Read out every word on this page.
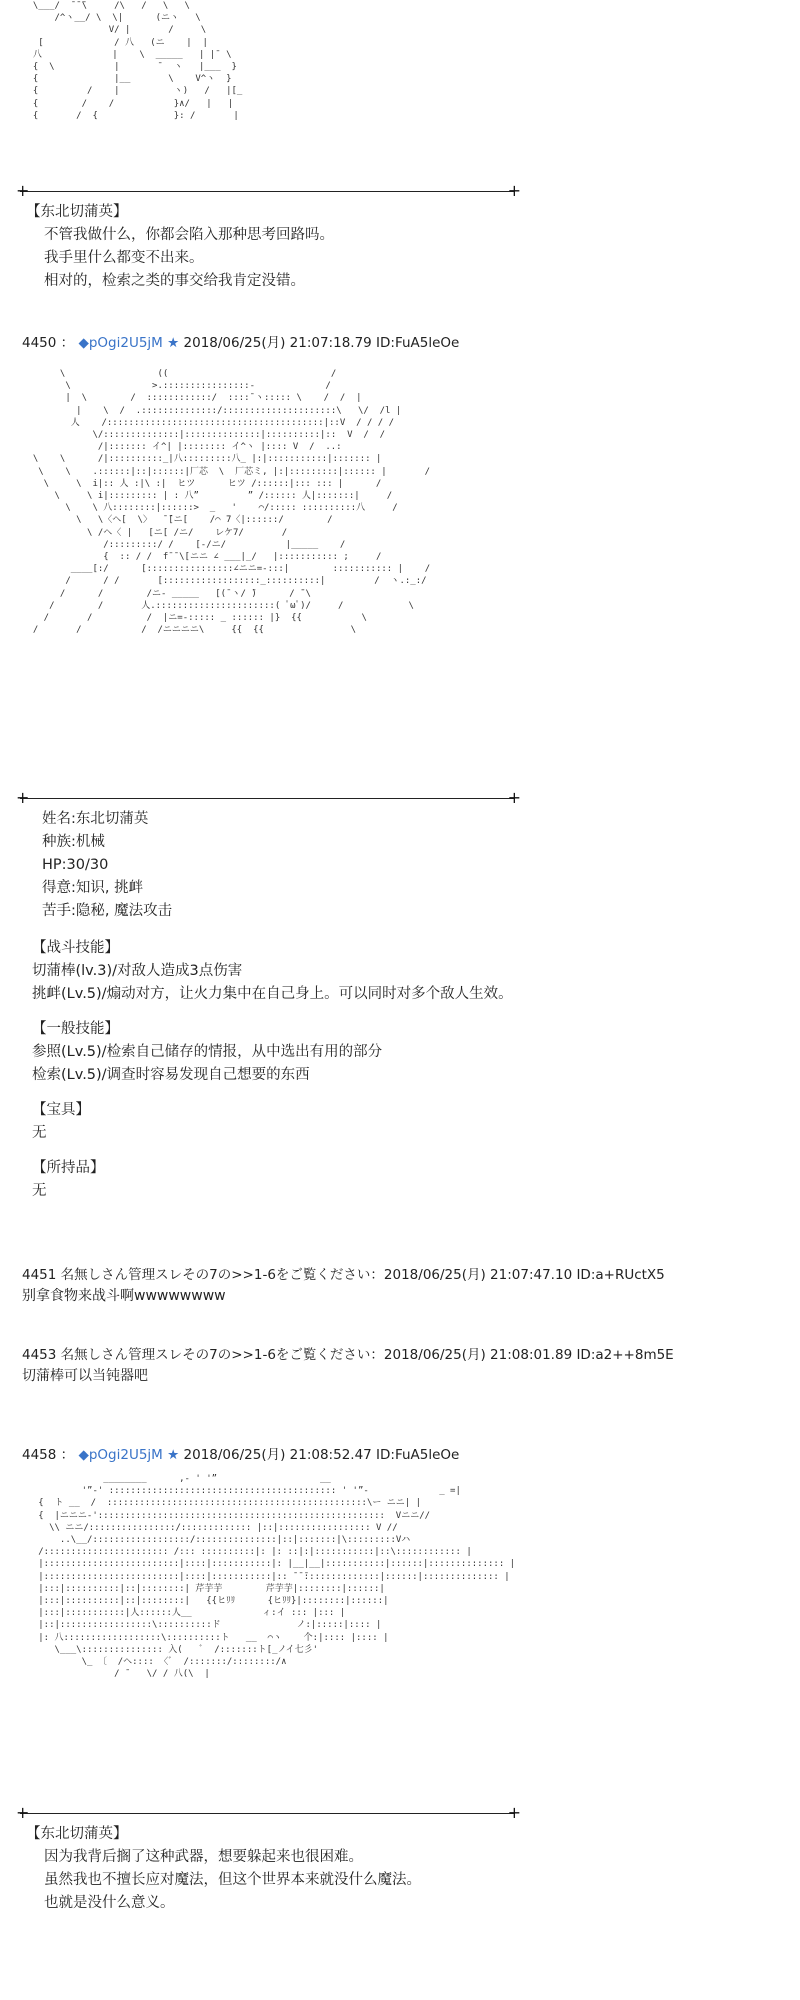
\___/  ̄ ̄ ̄\     /\   /   \   \
/^ヽ__/ \  \|      (ニヽ   \
V/ |       /     \
[             / 八   (ニ    |  |
八             |    \  _____   | |¯ \
{  \           |       ¯  ヽ   |___  }
{              |__       \    V^ヽ  }
{         /    |          ヽ)   /   |[_
{        /    /           }∧/   |   |
{       /  {              }: /       |
+	+
【东北切蒲英】
不管我做什么，你都会陷入那种思考回路吗。
我手里什么都变不出来。
相对的，检索之类的事交给我肯定没错。
4450 ： ◆pOgi2U5jM ★ 2018/06/25(月) 21:07:18.79 ID:FuA5leOe
\                 ((                              /
\               >.::::::::::::::::-             /
|  \        /  ::::::::::::/  ::::¯ヽ::::: \    /  /  |
|    \  /  .::::::::::::::/:::::::::::::::::::::\   \/  /l |
人    /::::::::::::::::::::::::::::::::::::::::|::V  / / / /
\/::::::::::::::|::::::::::::::|::::::::::|::  V  /  /
/|::::::: イ^| |:::::::: イ^ヽ |:::: V  /  ..:
\    \      /|::::::::::_|八:::::::::八_ |:|:::::::::::|::::::: |
\    \    .::::::|::|::::::|厂芯  \  厂芯ミ, |:|:::::::::|:::::: |       /
\     \  i|:: 人 :|\ :|  ヒツ      ヒツ /::::::|::: ::: |      /
\     \ i|::::::::: | : 八”         ” /:::::: 人|:::::::|     /
\    \ 八::::::::|::::::>  _   '    ⌒/::::: ::::::::::八     /
\   \〈ヘ[  \〉  ̄ ̄[ニ[    /⌒ ̄7〈|::::::/        /
\ /ヘ〈 |   [ニ[ /ニ/    レケ7/       /
/:::::::::/ /    [-/ニ/           |_____    /
{  :: / /  f¯¯\[ニニ ∠ ___|_/   |::::::::::: ;     /
____[:/      [::::::::::::::::∠ニニ=-:::|        ::::::::::: |    /
/      / /       [::::::::::::::::::_::::::::::|         /  ヽ.:_:/
/      /        /ニ- _____   [(¯ヽ/ ̄)      / ̄¯\
/        /       人.::::::::::::::::::::::( ﾟωﾟ)/     /            \
/       /          /  |ニ=-::::: _ :::::: |}  {{           \
/       /           /  /ニニニニ\     {{  {{                \
+	+
姓名:东北切蒲英
种族:机械
HP:30/30
得意:知识, 挑衅
苦手:隐秘, 魔法攻击
【战斗技能】
切蒲棒(lv.3)/对敌人造成3点伤害
挑衅(Lv.5)/煽动对方，让火力集中在自己身上。可以同时对多个敌人生效。
【一般技能】
参照(Lv.5)/检索自己储存的情报，从中选出有用的部分
检索(Lv.5)/调查时容易发现自己想要的东西
【宝具】
无
【所持品】
无
4451 名無しさん管理スレその7の>>1-6をご覧ください：2018/06/25(月) 21:07:47.10 ID:a+RUctX5
别拿食物来战斗啊wwwwwwww
4453 名無しさん管理スレその7の>>1-6をご覧ください：2018/06/25(月) 21:08:01.89 ID:a2++8m5E
切蒲棒可以当钝器吧
4458 ： ◆pOgi2U5jM ★ 2018/06/25(月) 21:08:52.47 ID:FuA5leOe
________      ,- ' '”                   __
'”-' :::::::::::::::::::::::::::::::::::::::::: ' '”-             _ =|
{  ト __  /  ::::::::::::::::::::::::::::::::::::::::::::::::\ー ニニ| |
{  |ニニニ-':::::::::::::::::::::::::::::::::::::::::::::::::::::  Vニニ//
\\ ニニ/::::::::::::::::/::::::::::::: |::|::::::::::::::::: V //
..\__/::::::::::::::::::/:::::::::::::::|::|:::::::|\:::::::::Vハ
/::::::::::::::::::::::: /::: ::::::::::|: |: ::|:|:::::::::::|::\:::::::::::: |
|:::::::::::::::::::::::::|::::|:::::::::::|: |__|__|:::::::::::|::::::|:::::::::::::: |
|:::::::::::::::::::::::::|::::|:::::::::::|:: ̄ ̄ ̄::::::::::::::|::::::|:::::::::::::: |
|:::|::::::::::|::|::::::::| 芹芋芋        芹芋芋|::::::::|::::::|
|:::|::::::::::|::|::::::::|   {{ヒﾘﾘ      {ヒﾘﾘ}|::::::::|::::::|
|:::|:::::::::::|人::::::人__             ィ:イ ::: |::: |
|::|:::::::::::::::::\::::::::::ド              ノ:|:::::|:::: |
|: 八::::::::::::::::::\::::::::::ト   __  ⌒ヽ    个:|:::: |:::: |
\___\::::::::::::::: 入(   ﾞ  /:::::::ト[_ノイ七彡'
\_ 〔  /ヘ:::: 〈ﾞ  /:::::::/::::::::/∧
/ ̄    \/ / 八(\  |
+	+
【东北切蒲英】
因为我背后搁了这种武器，想要躲起来也很困难。
虽然我也不擅长应对魔法，但这个世界本来就没什么魔法。
也就是没什么意义。
